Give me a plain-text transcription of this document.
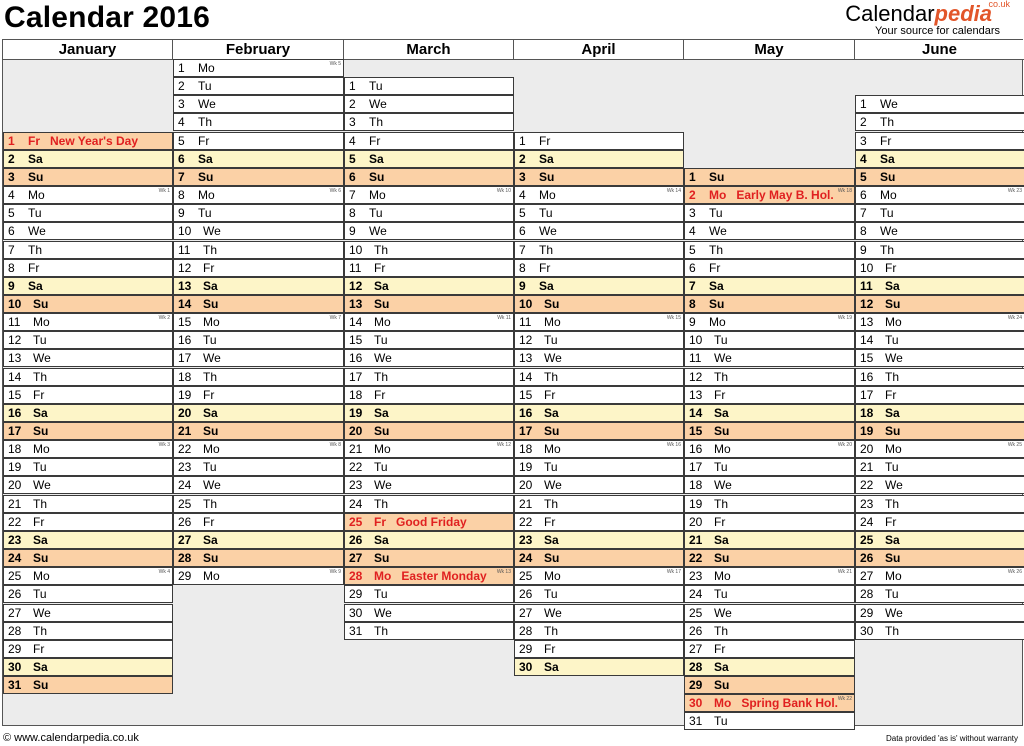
Calendar 2016	Calendarpedia
co.uk
Your source for calendars
January
1 Fr New Year's Day
2 Sa
3 Su
4 Mo	Wk 1
5 Tu
6 We
7 Th
8 Fr
9 Sa
10 Su
11 Mo	Wk 2
12 Tu
13 We
14 Th
15 Fr
16 Sa
17 Su
18 Mo	Wk 3
19 Tu
20 We
21 Th
22 Fr
23 Sa
24 Su
25 Mo	Wk 4
26 Tu
27 We
28 Th
29 Fr
30 Sa
31 Su
February
1 Mo	Wk 5
2 Tu
3 We
4 Th
5 Fr
6 Sa
7 Su
8 Mo	Wk 6
9 Tu
10 We
11 Th
12 Fr
13 Sa
14 Su
15 Mo	Wk 7
16 Tu
17 We
18 Th
19 Fr
20 Sa
21 Su
22 Mo	Wk 8
23 Tu
24 We
25 Th
26 Fr
27 Sa
28 Su
29 Mo	Wk 9
March
1 Tu
2 We
3 Th
4 Fr
5 Sa
6 Su
7 Mo	Wk 10
8 Tu
9 We
10 Th
11 Fr
12 Sa
13 Su
14 Mo	Wk 11
15 Tu
16 We
17 Th
18 Fr
19 Sa
20 Su
21 Mo	Wk 12
22 Tu
23 We
24 Th
25 Fr Good Friday
26 Sa
27 Su
28 Mo Easter Monday Wk 13
29 Tu
30 We
31 Th
April
1 Fr
2 Sa
3 Su
4 Mo	Wk 14
5 Tu
6 We
7 Th
8 Fr
9 Sa
10 Su
11 Mo	Wk 15
12 Tu
13 We
14 Th
15 Fr
16 Sa
17 Su
18 Mo	Wk 16
19 Tu
20 We
21 Th
22 Fr
23 Sa
24 Su
25 Mo	Wk 17
26 Tu
27 We
28 Th
29 Fr
30 Sa
May
1 Su
2 Mo Early May B. Hol. Wk 18
3 Tu
4 We
5 Th
6 Fr
7 Sa
8 Su
9 Mo	Wk 19
10 Tu
11 We
12 Th
13 Fr
14 Sa
15 Su
16 Mo	Wk 20
17 Tu
18 We
19 Th
20 Fr
21 Sa
22 Su
23 Mo	Wk 21
24 Tu
25 We
26 Th
27 Fr
28 Sa
29 Su
30 Mo Spring Bank Hol. Wk 22
31 Tu
June
1 We
2 Th
3 Fr
4 Sa
5 Su
6 Mo	Wk 23
7 Tu
8 We
9 Th
10 Fr
11 Sa
12 Su
13 Mo	Wk 24
14 Tu
15 We
16 Th
17 Fr
18 Sa
19 Su
20 Mo	Wk 25
21 Tu
22 We
23 Th
24 Fr
25 Sa
26 Su
27 Mo	Wk 26
28 Tu
29 We
30 Th
© www.calendarpedia.co.uk	Data provided 'as is' without warranty
